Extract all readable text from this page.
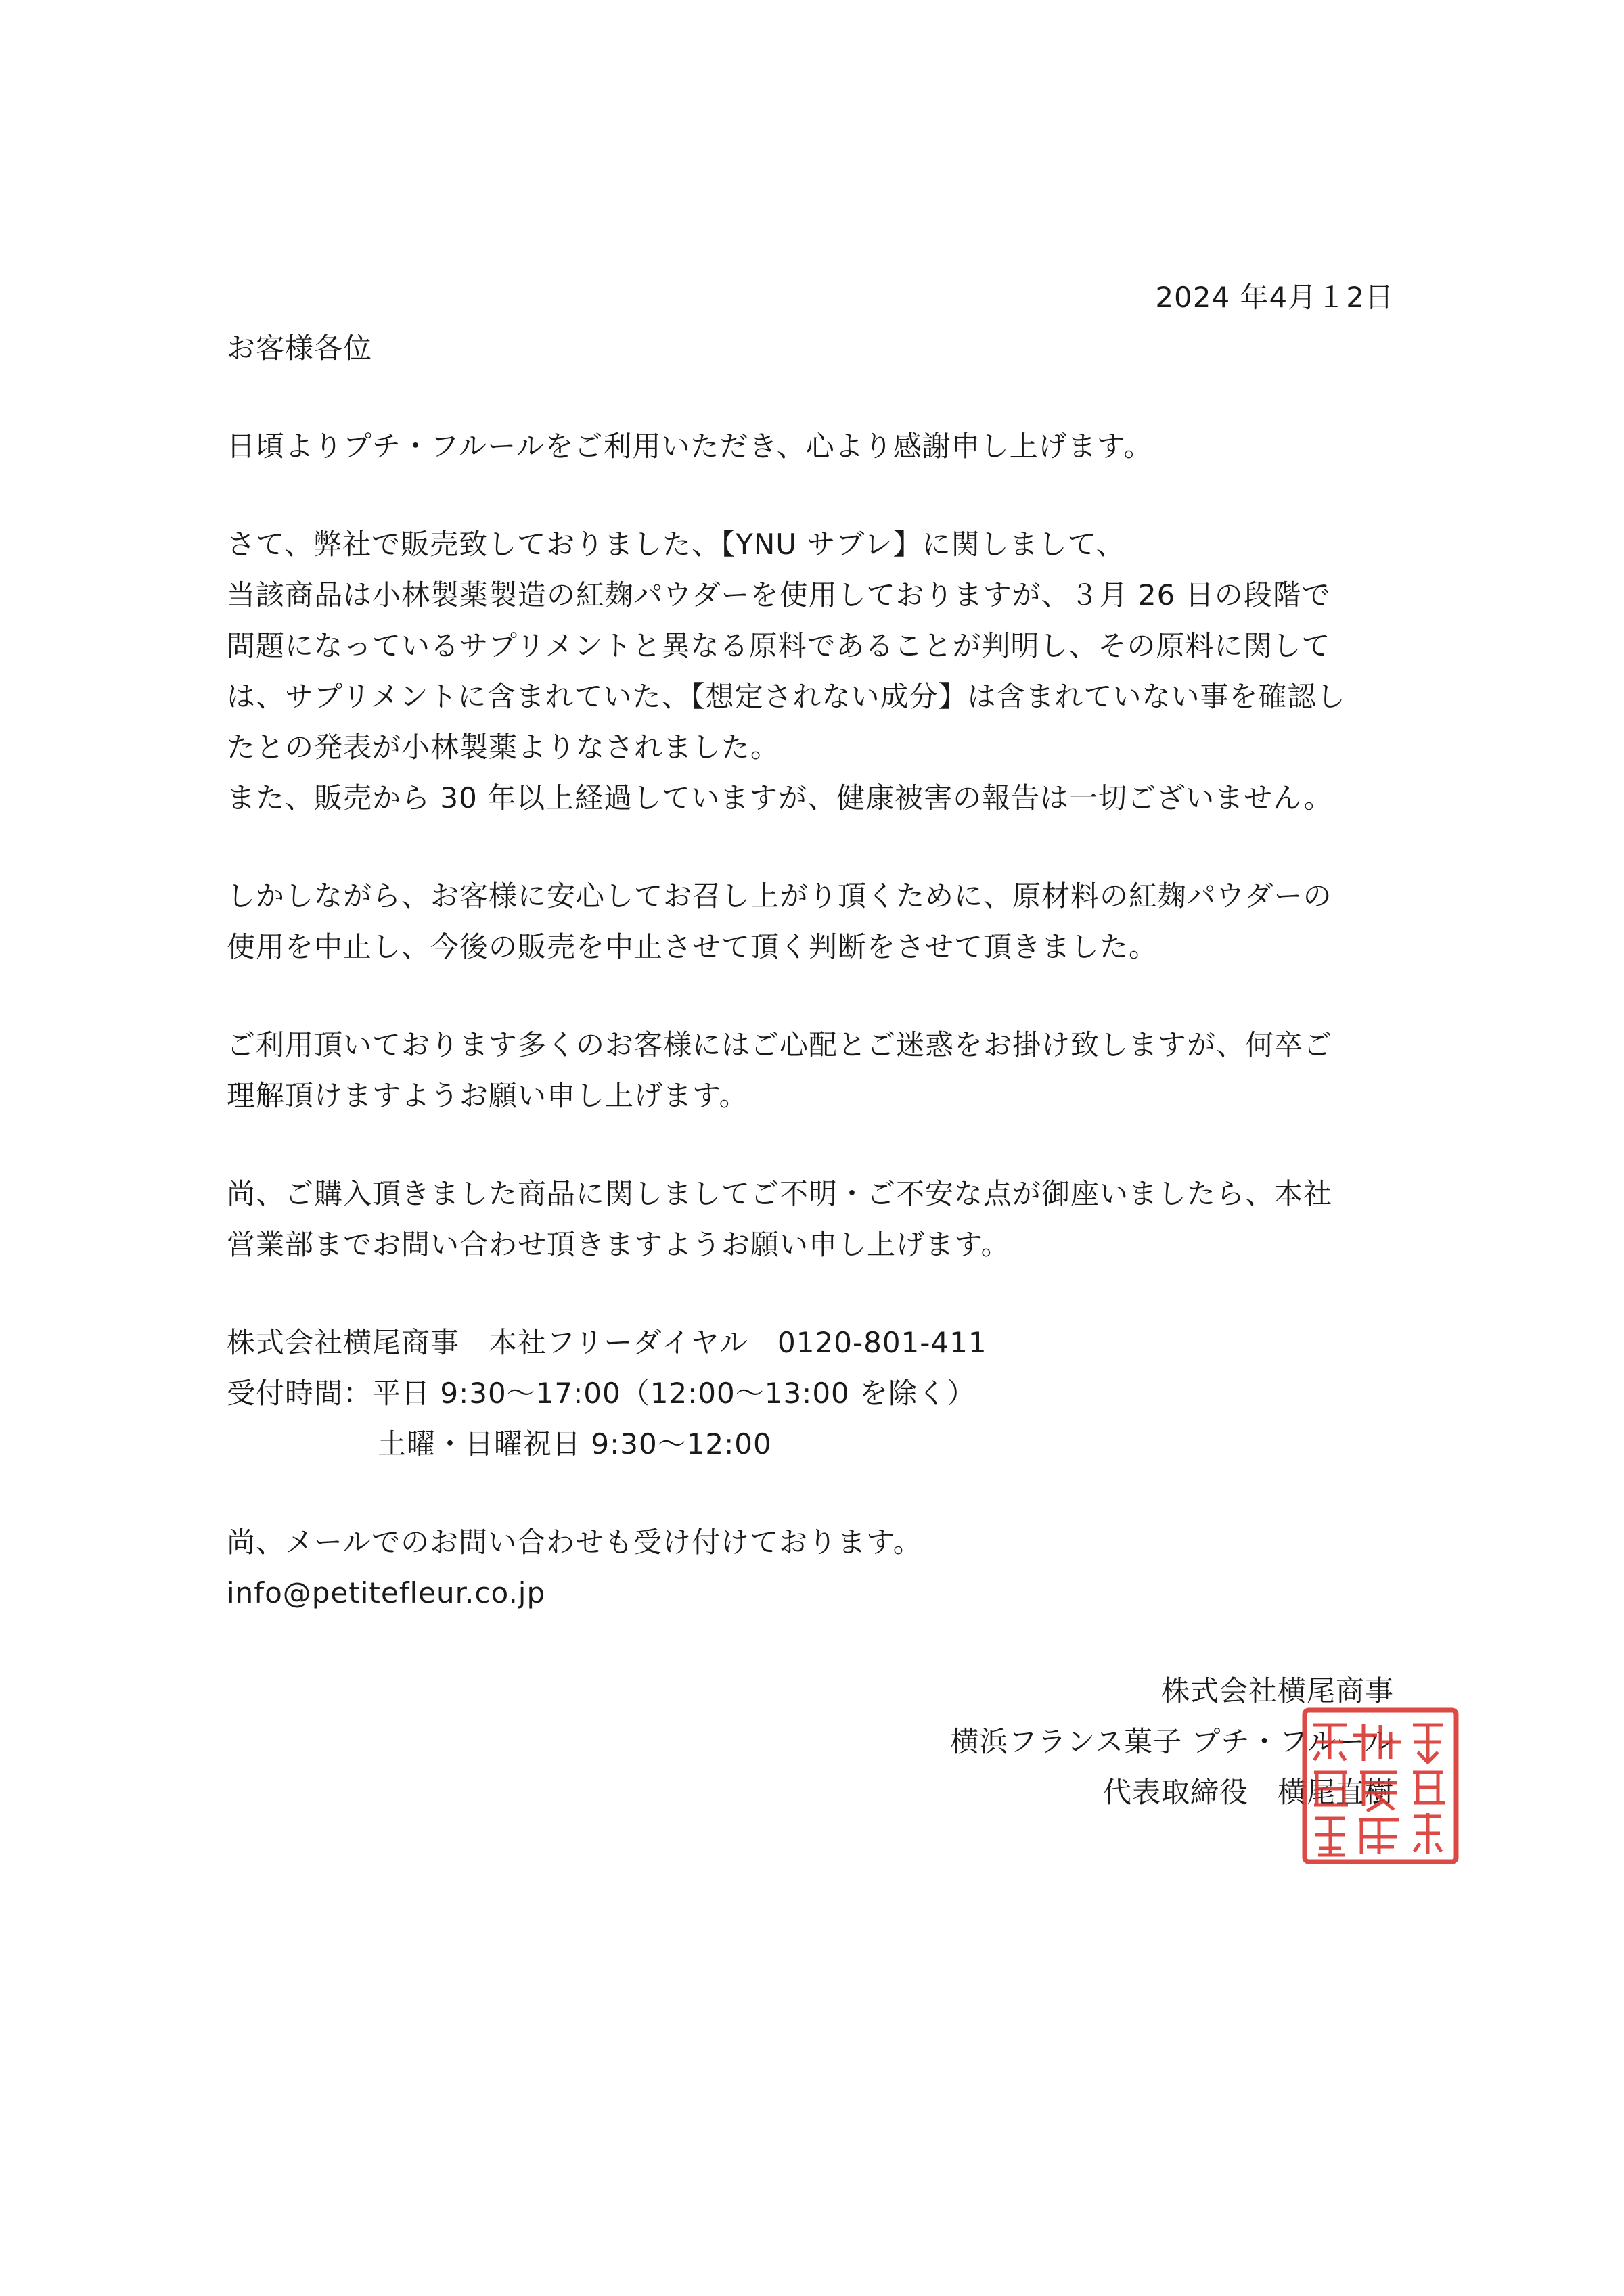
2024 年4月１2日
お客様各位
日頃よりプチ・フルールをご利用いただき、心より感謝申し上げます。
さて、弊社で販売致しておりました、【YNU サブレ】に関しまして、
当該商品は小林製薬製造の紅麹パウダーを使用しておりますが、３月 26 日の段階で
問題になっているサプリメントと異なる原料であることが判明し、その原料に関して
は、サプリメントに含まれていた、【想定されない成分】は含まれていない事を確認し
たとの発表が小林製薬よりなされました。
また、販売から 30 年以上経過していますが、健康被害の報告は一切ございません。
しかしながら、お客様に安心してお召し上がり頂くために、原材料の紅麹パウダーの
使用を中止し、今後の販売を中止させて頂く判断をさせて頂きました。
ご利用頂いております多くのお客様にはご心配とご迷惑をお掛け致しますが、何卒ご
理解頂けますようお願い申し上げます。
尚、ご購入頂きました商品に関しましてご不明・ご不安な点が御座いましたら、本社
営業部までお問い合わせ頂きますようお願い申し上げます。
株式会社横尾商事　本社フリーダイヤル　0120-801-411
受付時間：平日 9:30～17:00（12:00～13:00 を除く）
土曜・日曜祝日 9:30～12:00
尚、メールでのお問い合わせも受け付けております。
info@petitefleur.co.jp
株式会社横尾商事
横浜フランス菓子 プチ・フルール
代表取締役　横尾直樹
